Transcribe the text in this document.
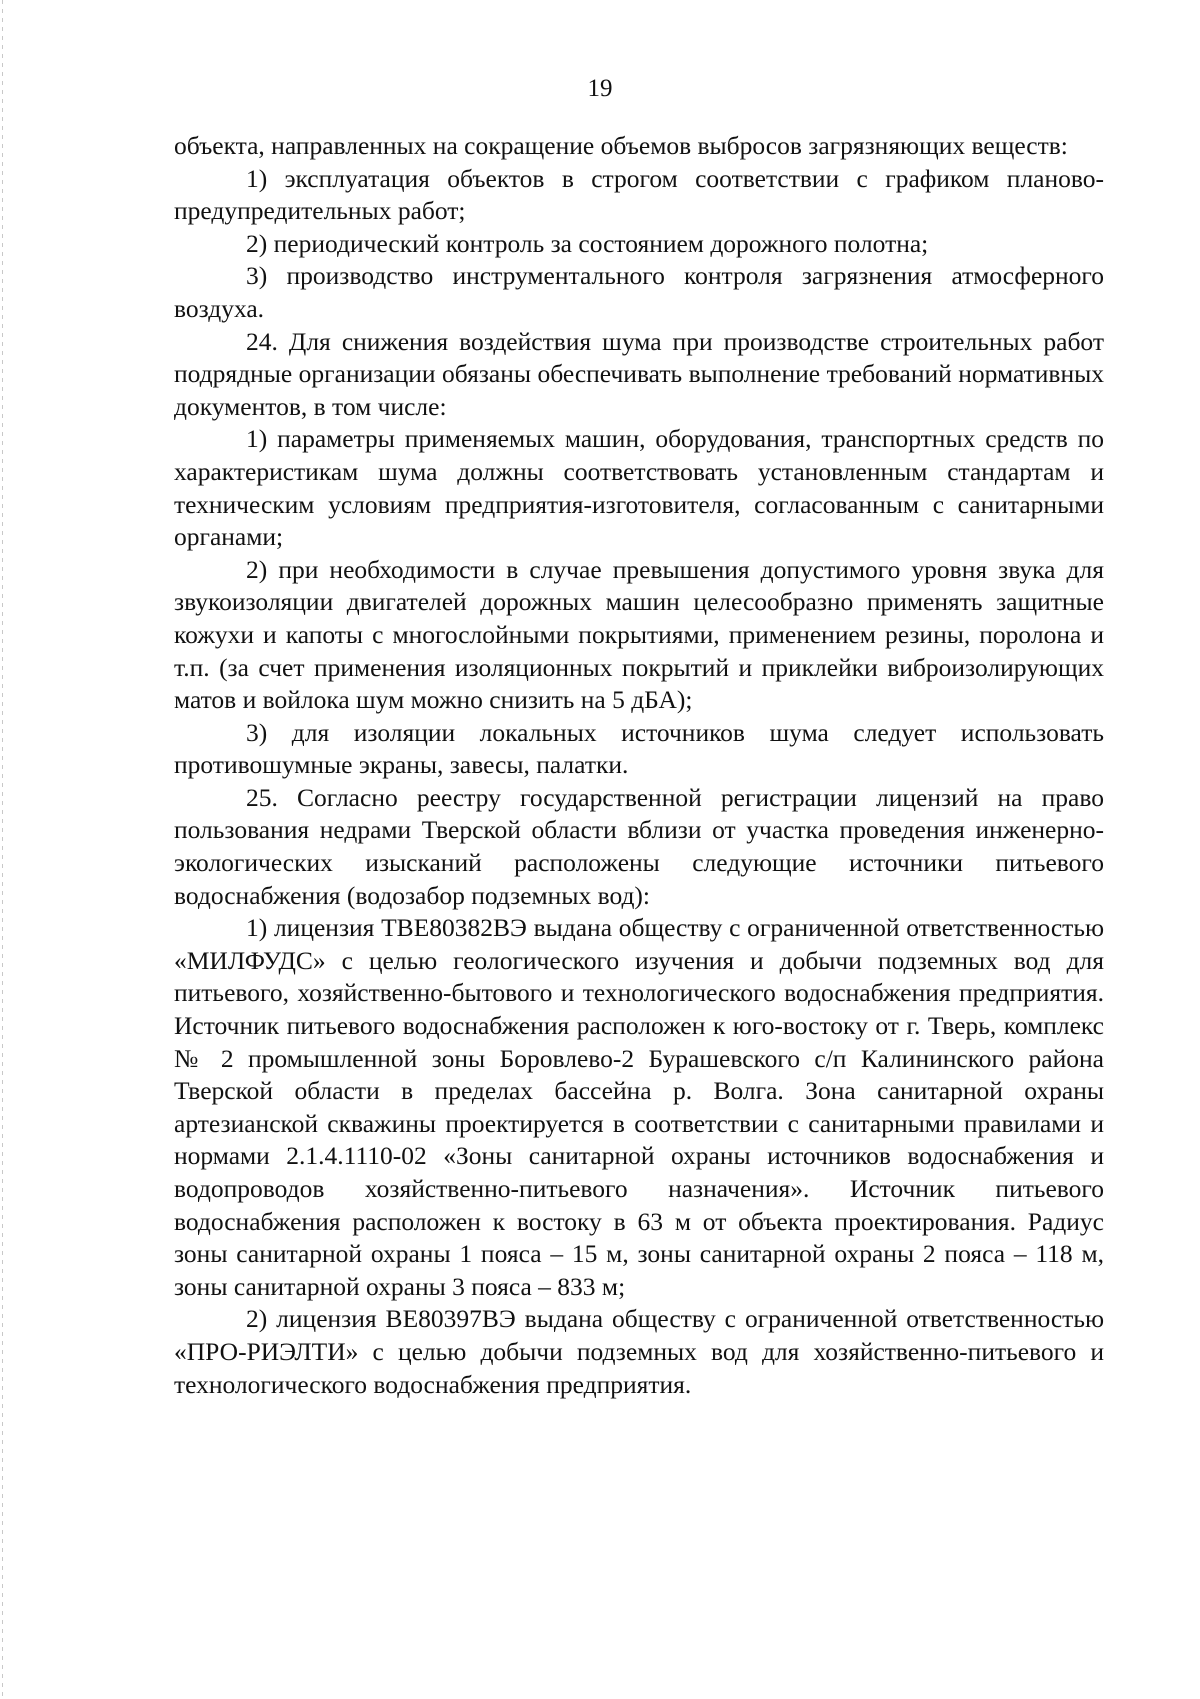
19

объекта, направленных на сокращение объемов выбросов загрязняющих веществ:

1) эксплуатация объектов в строгом соответствии с графиком планово-предупредительных работ;

2) периодический контроль за состоянием дорожного полотна;

3) производство инструментального контроля загрязнения атмосферного воздуха.

24. Для снижения воздействия шума при производстве строительных работ подрядные организации обязаны обеспечивать выполнение требований нормативных документов, в том числе:

1) параметры применяемых машин, оборудования, транспортных средств по характеристикам шума должны соответствовать установленным стандартам и техническим условиям предприятия-изготовителя, согласованным с санитарными органами;

2) при необходимости в случае превышения допустимого уровня звука для звукоизоляции двигателей дорожных машин целесообразно применять защитные кожухи и капоты с многослойными покрытиями, применением резины, поролона и т.п. (за счет применения изоляционных покрытий и приклейки виброизолирующих матов и войлока шум можно снизить на 5 дБА);

3) для изоляции локальных источников шума следует использовать противошумные экраны, завесы, палатки.

25. Согласно реестру государственной регистрации лицензий на право пользования недрами Тверской области вблизи от участка проведения инженерно-экологических изысканий расположены следующие источники питьевого водоснабжения (водозабор подземных вод):

1) лицензия ТВЕ80382ВЭ выдана обществу с ограниченной ответственностью «МИЛФУДС» с целью геологического изучения и добычи подземных вод для питьевого, хозяйственно-бытового и технологического водоснабжения предприятия. Источник питьевого водоснабжения расположен к юго-востоку от г. Тверь, комплекс № 2 промышленной зоны Боровлево-2 Бурашевского с/п Калининского района Тверской области в пределах бассейна р. Волга. Зона санитарной охраны артезианской скважины проектируется в соответствии с санитарными правилами и нормами 2.1.4.1110-02 «Зоны санитарной охраны источников водоснабжения и водопроводов хозяйственно-питьевого назначения». Источник питьевого водоснабжения расположен к востоку в 63 м от объекта проектирования. Радиус зоны санитарной охраны 1 пояса – 15 м, зоны санитарной охраны 2 пояса – 118 м, зоны санитарной охраны 3 пояса – 833 м;

2) лицензия ВЕ80397ВЭ выдана обществу с ограниченной ответственностью «ПРО-РИЭЛТИ» с целью добычи подземных вод для хозяйственно-питьевого и технологического водоснабжения предприятия.
